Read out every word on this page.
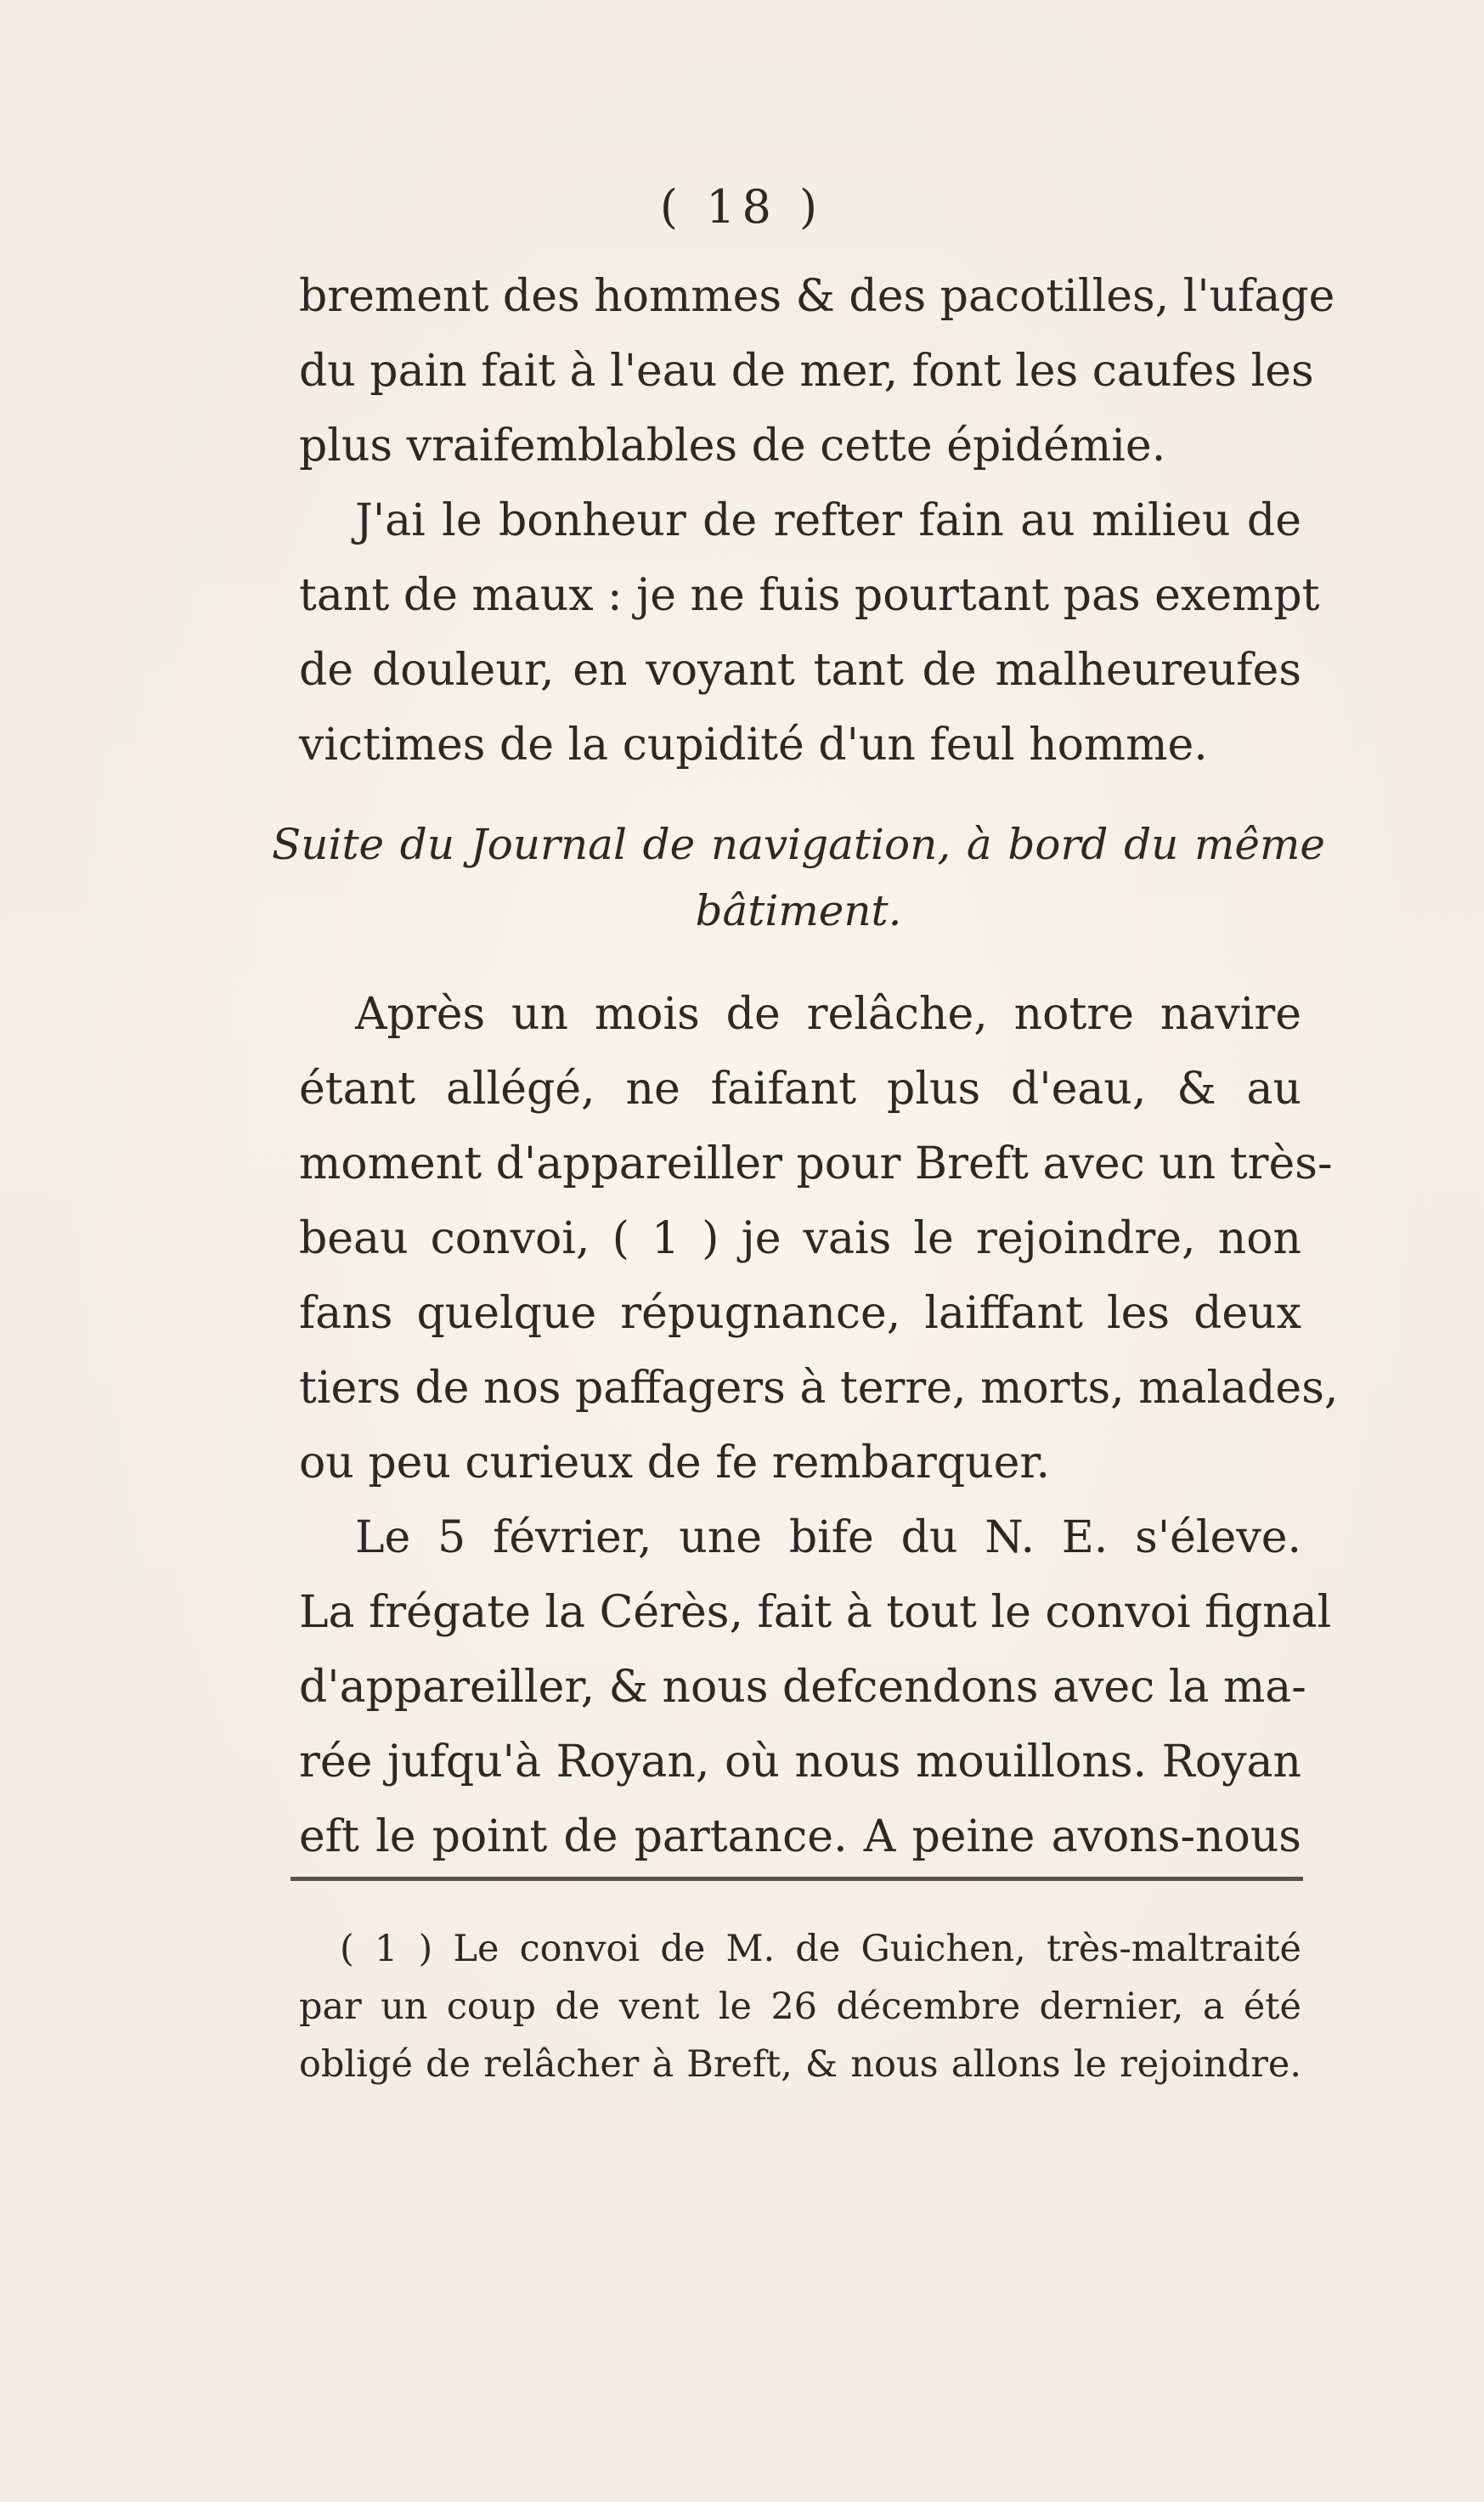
( 18 )
brement des hommes & des pacotilles, l'ufage
du pain fait à l'eau de mer, font les caufes les
plus vraifemblables de cette épidémie.
J'ai le bonheur de refter fain au milieu de
tant de maux : je ne fuis pourtant pas exempt
de douleur, en voyant tant de malheureufes
victimes de la cupidité d'un feul homme.
Suite du Journal de navigation, à bord du même
bâtiment.
Après un mois de relâche, notre navire
étant allégé, ne faifant plus d'eau, & au
moment d'appareiller pour Breft avec un très-
beau convoi, ( 1 ) je vais le rejoindre, non
fans quelque répugnance, laiffant les deux
tiers de nos paffagers à terre, morts, malades,
ou peu curieux de fe rembarquer.
Le 5 février, une bife du N. E. s'éleve.
La frégate la Cérès, fait à tout le convoi fignal
d'appareiller, & nous defcendons avec la ma-
rée jufqu'à Royan, où nous mouillons. Royan
eft le point de partance. A peine avons-nous
( 1 ) Le convoi de M. de Guichen, très-maltraité
par un coup de vent le 26 décembre dernier, a été
obligé de relâcher à Breft, & nous allons le rejoindre.
